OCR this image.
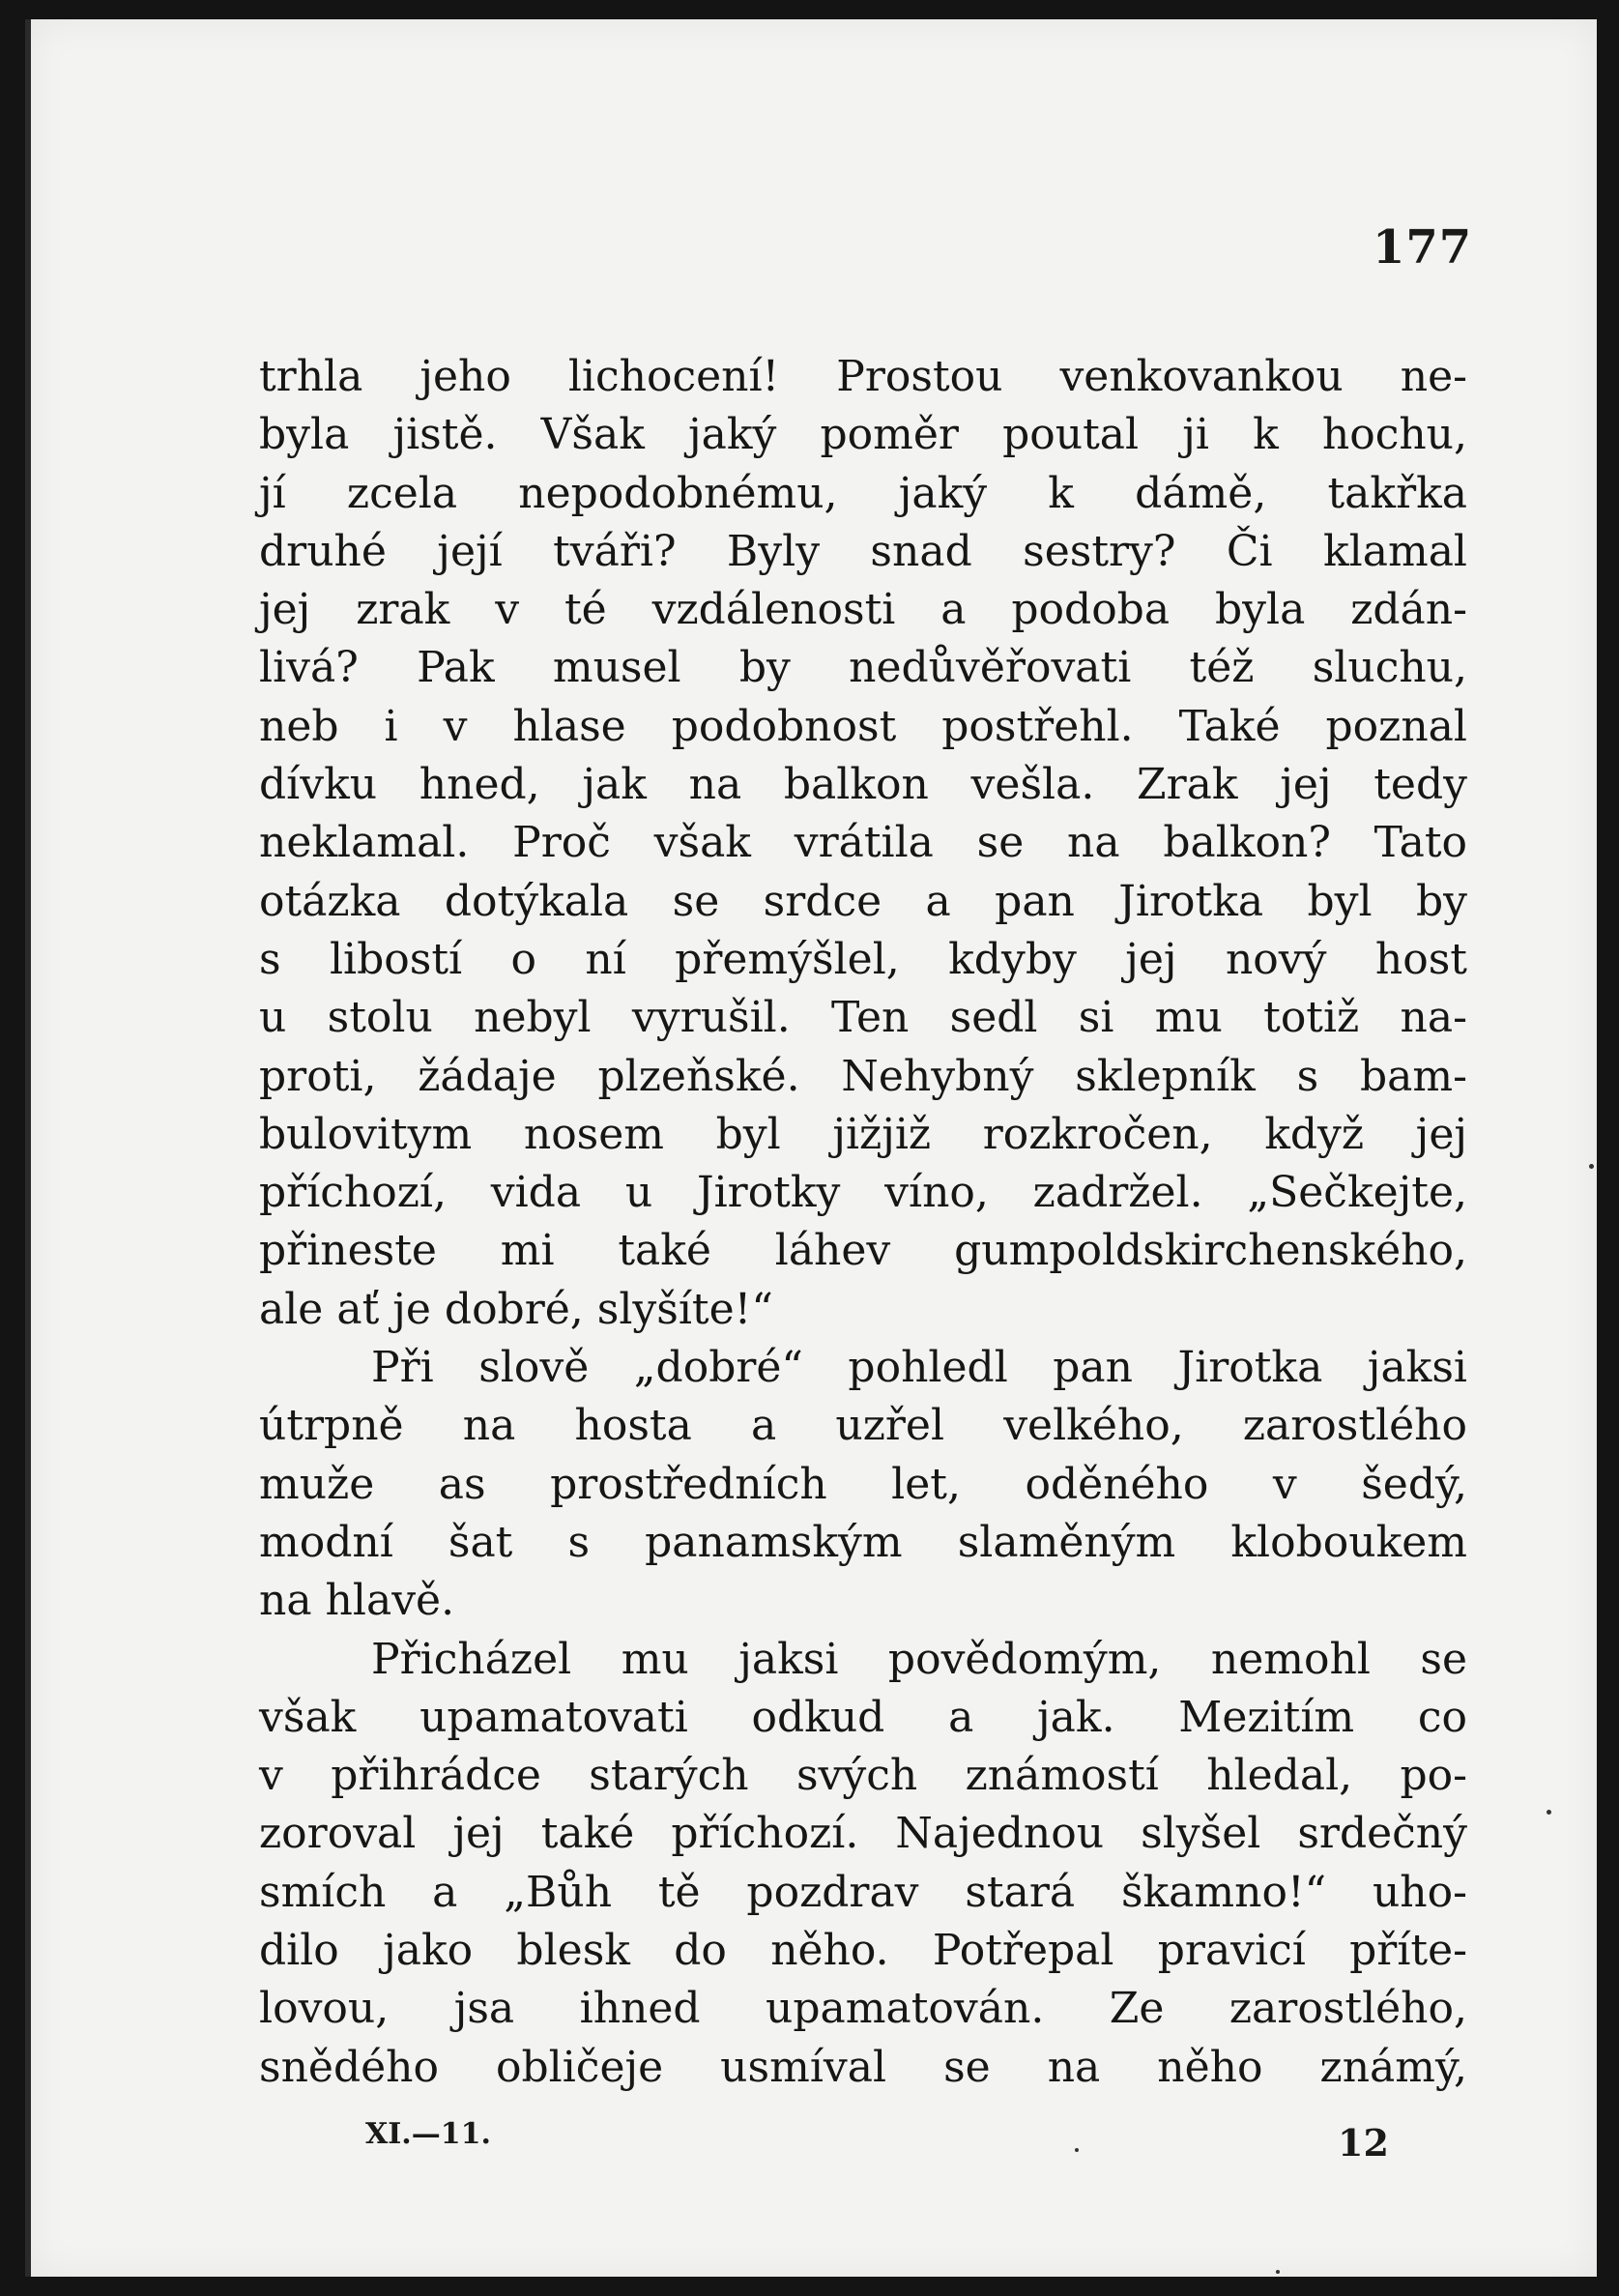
177
trhla jeho lichocení! Prostou venkovankou ne-
byla jistě. Však jaký poměr poutal ji k hochu,
jí zcela nepodobnému, jaký k dámě, takřka
druhé její tváři? Byly snad sestry? Či klamal
jej zrak v té vzdálenosti a podoba byla zdán-
livá? Pak musel by nedůvěřovati též sluchu,
neb i v hlase podobnost postřehl. Také poznal
dívku hned, jak na balkon vešla. Zrak jej tedy
neklamal. Proč však vrátila se na balkon? Tato
otázka dotýkala se srdce a pan Jirotka byl by
s libostí o ní přemýšlel, kdyby jej nový host
u stolu nebyl vyrušil. Ten sedl si mu totiž na-
proti, žádaje plzeňské. Nehybný sklepník s bam-
bulovitym nosem byl jižjiž rozkročen, když jej
příchozí, vida u Jirotky víno, zadržel. „Sečkejte,
přineste mi také láhev gumpoldskirchenského,
ale ať je dobré, slyšíte!“
Při slově „dobré“ pohledl pan Jirotka jaksi
útrpně na hosta a uzřel velkého, zarostlého
muže as prostředních let, oděného v šedý,
modní šat s panamským slaměným kloboukem
na hlavě.
Přicházel mu jaksi povědomým, nemohl se
však upamatovati odkud a jak. Mezitím co
v přihrádce starých svých známostí hledal, po-
zoroval jej také příchozí. Najednou slyšel srdečný
smích a „Bůh tě pozdrav stará škamno!“ uho-
dilo jako blesk do něho. Potřepal pravicí příte-
lovou, jsa ihned upamatován. Ze zarostlého,
snědého obličeje usmíval se na něho známý,
XI.—11.	12
